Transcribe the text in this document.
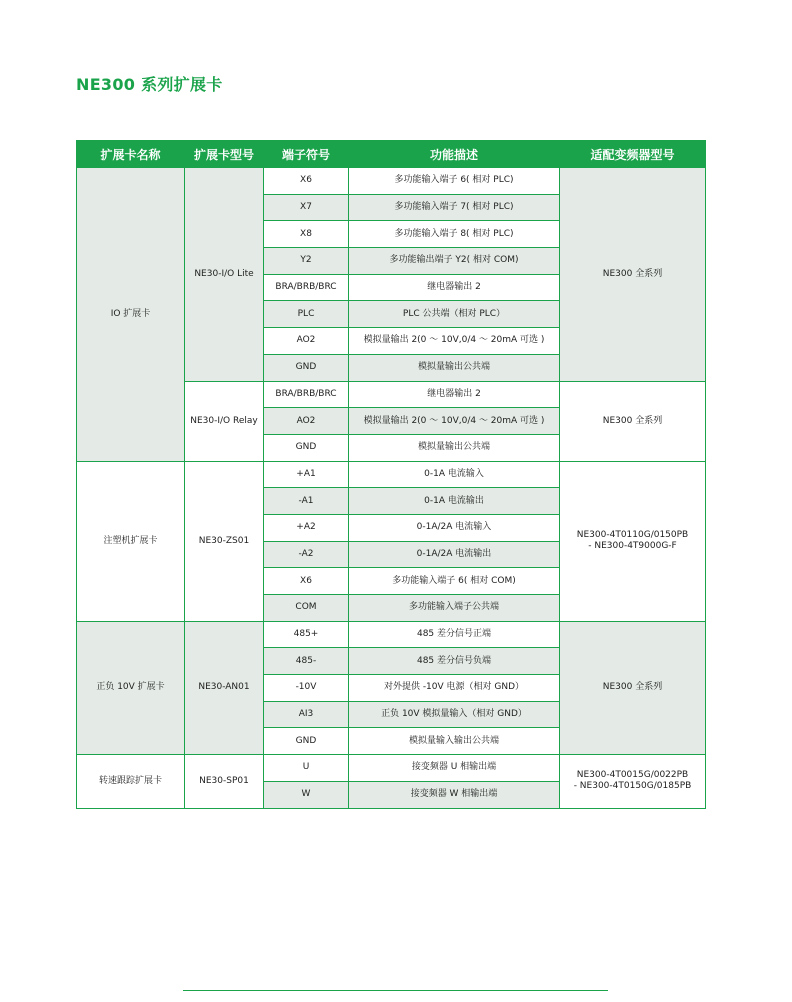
NE300 系列扩展卡
扩展卡名称	扩展卡型号	端子符号	功能描述	适配变频器型号
IO 扩展卡	NE30-I/O Lite	X6	多功能输入端子 6( 相对 PLC)	NE300 全系列

		X7	多功能输入端子 7( 相对 PLC)	
		X8	多功能输入端子 8( 相对 PLC)	
		Y2	多功能输出端子 Y2( 相对 COM)	
		BRA/BRB/BRC	继电器输出 2	
		PLC	PLC 公共端（相对 PLC）	
		AO2	模拟量输出 2(0 ～ 10V,0/4 ～ 20mA 可选 )	
		GND	模拟量输出公共端	
	NE30-I/O Relay	BRA/BRB/BRC	继电器输出 2	NE300 全系列

		AO2	模拟量输出 2(0 ～ 10V,0/4 ～ 20mA 可选 )	
		GND	模拟量输出公共端	
注塑机扩展卡	NE30-ZS01	+A1	0-1A 电流输入	NE300-4T0110G/0150PB
- NE300-4T9000G-F

		-A1	0-1A 电流输出	
		+A2	0-1A/2A 电流输入	
		-A2	0-1A/2A 电流输出	
		X6	多功能输入端子 6( 相对 COM)	
		COM	多功能输入端子公共端	
正负 10V 扩展卡	NE30-AN01	485+	485 差分信号正端	NE300 全系列

		485-	485 差分信号负端	
		-10V	对外提供 -10V 电源（相对 GND）	
		AI3	正负 10V 模拟量输入（相对 GND）	
		GND	模拟量输入输出公共端	
转速跟踪扩展卡	NE30-SP01	U	接变频器 U 相输出端	NE300-4T0015G/0022PB
- NE300-4T0150G/0185PB

		W	接变频器 W 相输出端	
